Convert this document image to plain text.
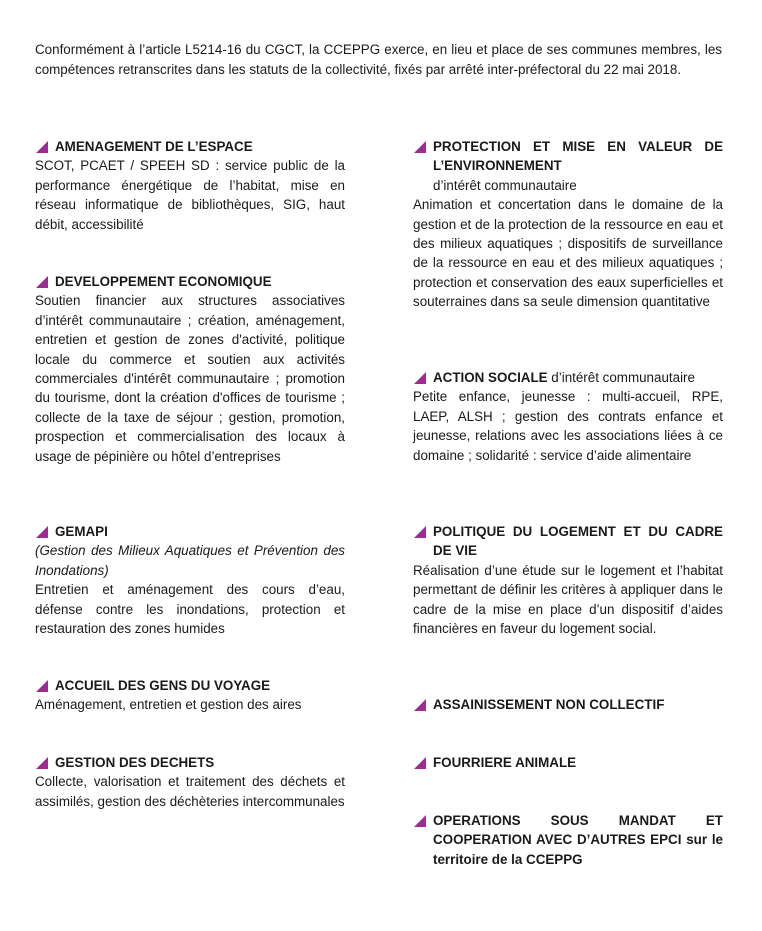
Conformément à l’article L5214-16 du CGCT, la CCEPPG exerce, en lieu et place de ses communes membres, les compétences retranscrites dans les statuts de la collectivité, fixés par arrêté inter-préfectoral du 22 mai 2018.
AMENAGEMENT DE L’ESPACE
SCOT, PCAET / SPEEH SD : service public de la performance énergétique de l’habitat, mise en réseau informatique de bibliothèques, SIG, haut débit, accessibilité
DEVELOPPEMENT ECONOMIQUE
Soutien financier aux structures associatives d’intérêt communautaire ; création, aménagement, entretien et gestion de zones d'activité, politique locale du commerce et soutien aux activités commerciales d'intérêt communautaire ; promotion du tourisme, dont la création d'offices de tourisme ; collecte de la taxe de séjour ; gestion, promotion, prospection et commercialisation des locaux à usage de pépinière ou hôtel d’entreprises
GEMAPI
(Gestion des Milieux Aquatiques et Prévention des Inondations)
Entretien et aménagement des cours d’eau, défense contre les inondations, protection et restauration des zones humides
ACCUEIL DES GENS DU VOYAGE
Aménagement, entretien et gestion des aires
GESTION DES DECHETS
Collecte, valorisation et traitement des déchets et assimilés, gestion des déchèteries intercommunales
PROTECTION ET MISE EN VALEUR DE L’ENVIRONNEMENT
d’intérêt communautaire
Animation et concertation dans le domaine de la gestion et de la protection de la ressource en eau et des milieux aquatiques ; dispositifs de surveillance de la ressource en eau et des milieux aquatiques ; protection et conservation des eaux superficielles et souterraines dans sa seule dimension quantitative
ACTION SOCIALE d’intérêt communautaire
Petite enfance, jeunesse : multi-accueil, RPE, LAEP, ALSH ; gestion des contrats enfance et jeunesse, relations avec les associations liées à ce domaine ; solidarité : service d’aide alimentaire
POLITIQUE DU LOGEMENT ET DU CADRE DE VIE
Réalisation d’une étude sur le logement et l’habitat permettant de définir les critères à appliquer dans le cadre de la mise en place d’un dispositif d’aides financières en faveur du logement social.
ASSAINISSEMENT NON COLLECTIF
FOURRIERE ANIMALE
OPERATIONS SOUS MANDAT ET COOPERATION AVEC D’AUTRES EPCI sur le territoire de la CCEPPG
